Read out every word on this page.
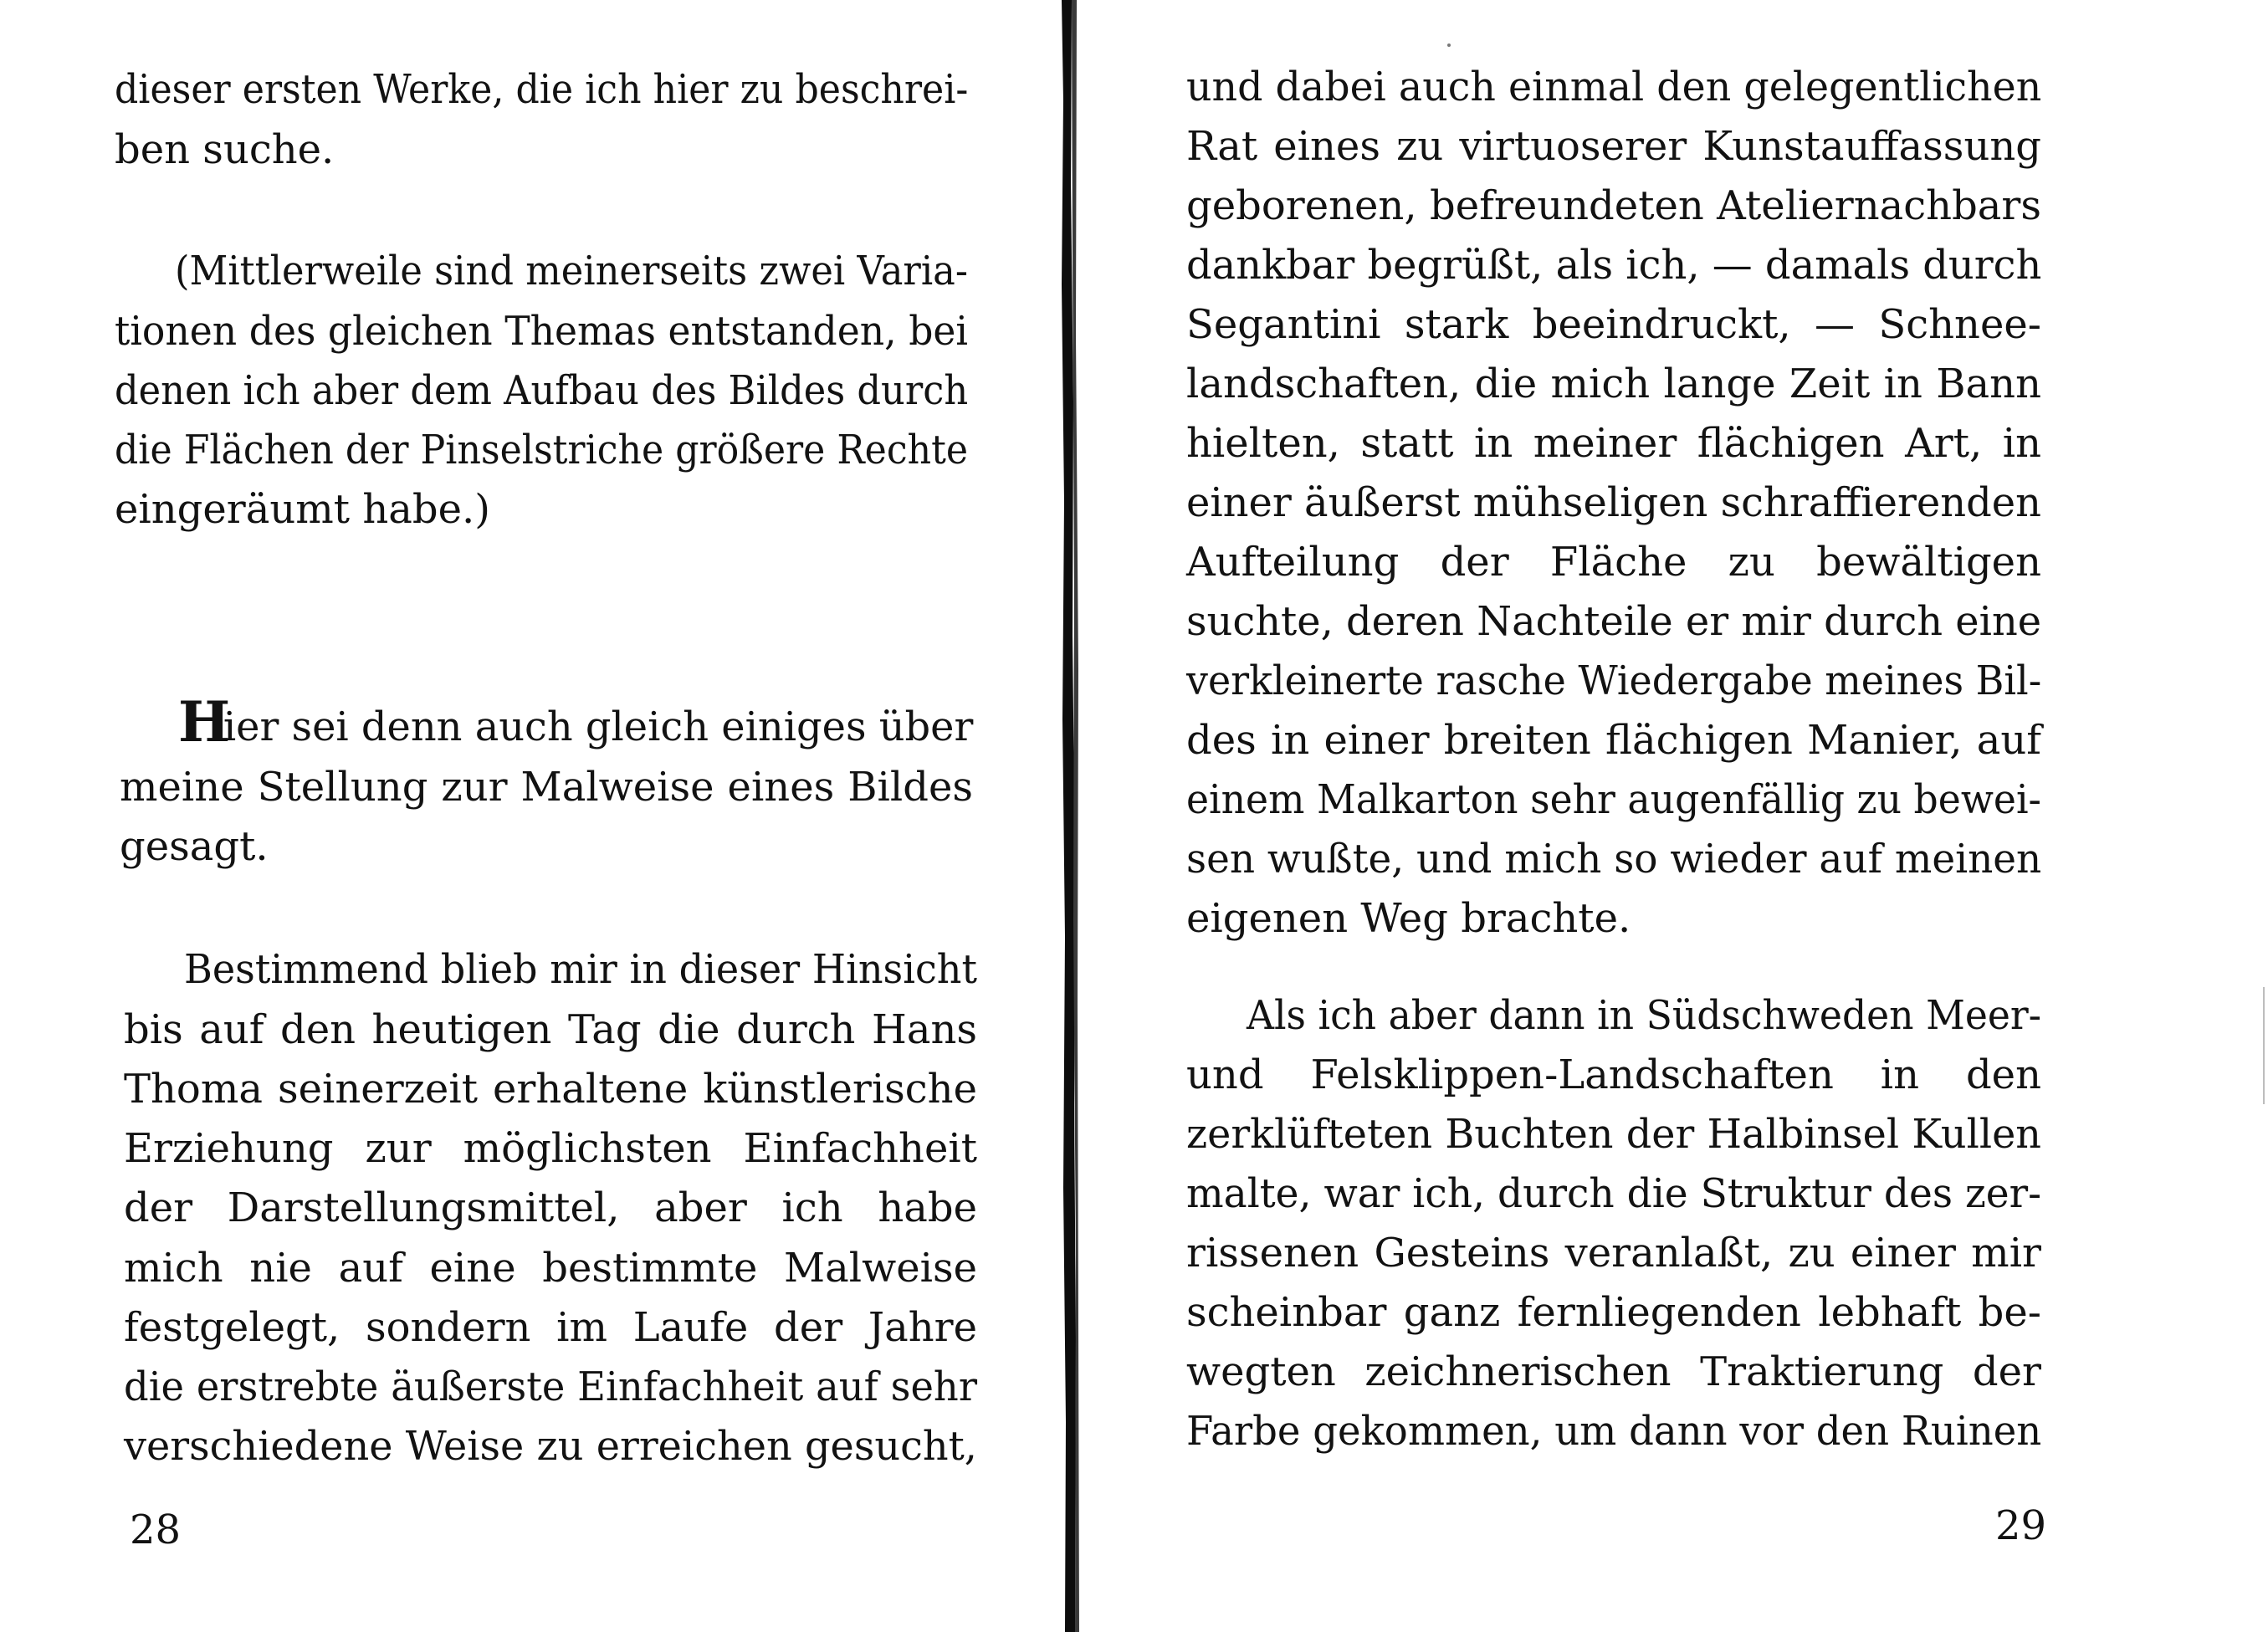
dieser ersten Werke, die ich hier zu beschrei-
ben suche.
(Mittlerweile sind meinerseits zwei Varia-
tionen des gleichen Themas entstanden, bei
denen ich aber dem Aufbau des Bildes durch
die Flächen der Pinselstriche größere Rechte
eingeräumt habe.)
H
ier sei denn auch gleich einiges über
meine Stellung zur Malweise eines Bildes
gesagt.
Bestimmend blieb mir in dieser Hinsicht
bis auf den heutigen Tag die durch Hans
Thoma seinerzeit erhaltene künstlerische
Erziehung zur möglichsten Einfachheit
der Darstellungsmittel, aber ich habe
mich nie auf eine bestimmte Malweise
festgelegt, sondern im Laufe der Jahre
die erstrebte äußerste Einfachheit auf sehr
verschiedene Weise zu erreichen gesucht,
28
und dabei auch einmal den gelegentlichen
Rat eines zu virtuoserer Kunstauffassung
geborenen, befreundeten Ateliernachbars
dankbar begrüßt, als ich, — damals durch
Segantini stark beeindruckt, — Schnee-
landschaften, die mich lange Zeit in Bann
hielten, statt in meiner flächigen Art, in
einer äußerst mühseligen schraffierenden
Aufteilung der Fläche zu bewältigen
suchte, deren Nachteile er mir durch eine
verkleinerte rasche Wiedergabe meines Bil-
des in einer breiten flächigen Manier, auf
einem Malkarton sehr augenfällig zu bewei-
sen wußte, und mich so wieder auf meinen
eigenen Weg brachte.
Als ich aber dann in Südschweden Meer-
und Felsklippen-Landschaften in den
zerklüfteten Buchten der Halbinsel Kullen
malte, war ich, durch die Struktur des zer-
rissenen Gesteins veranlaßt, zu einer mir
scheinbar ganz fernliegenden lebhaft be-
wegten zeichnerischen Traktierung der
Farbe gekommen, um dann vor den Ruinen
29
